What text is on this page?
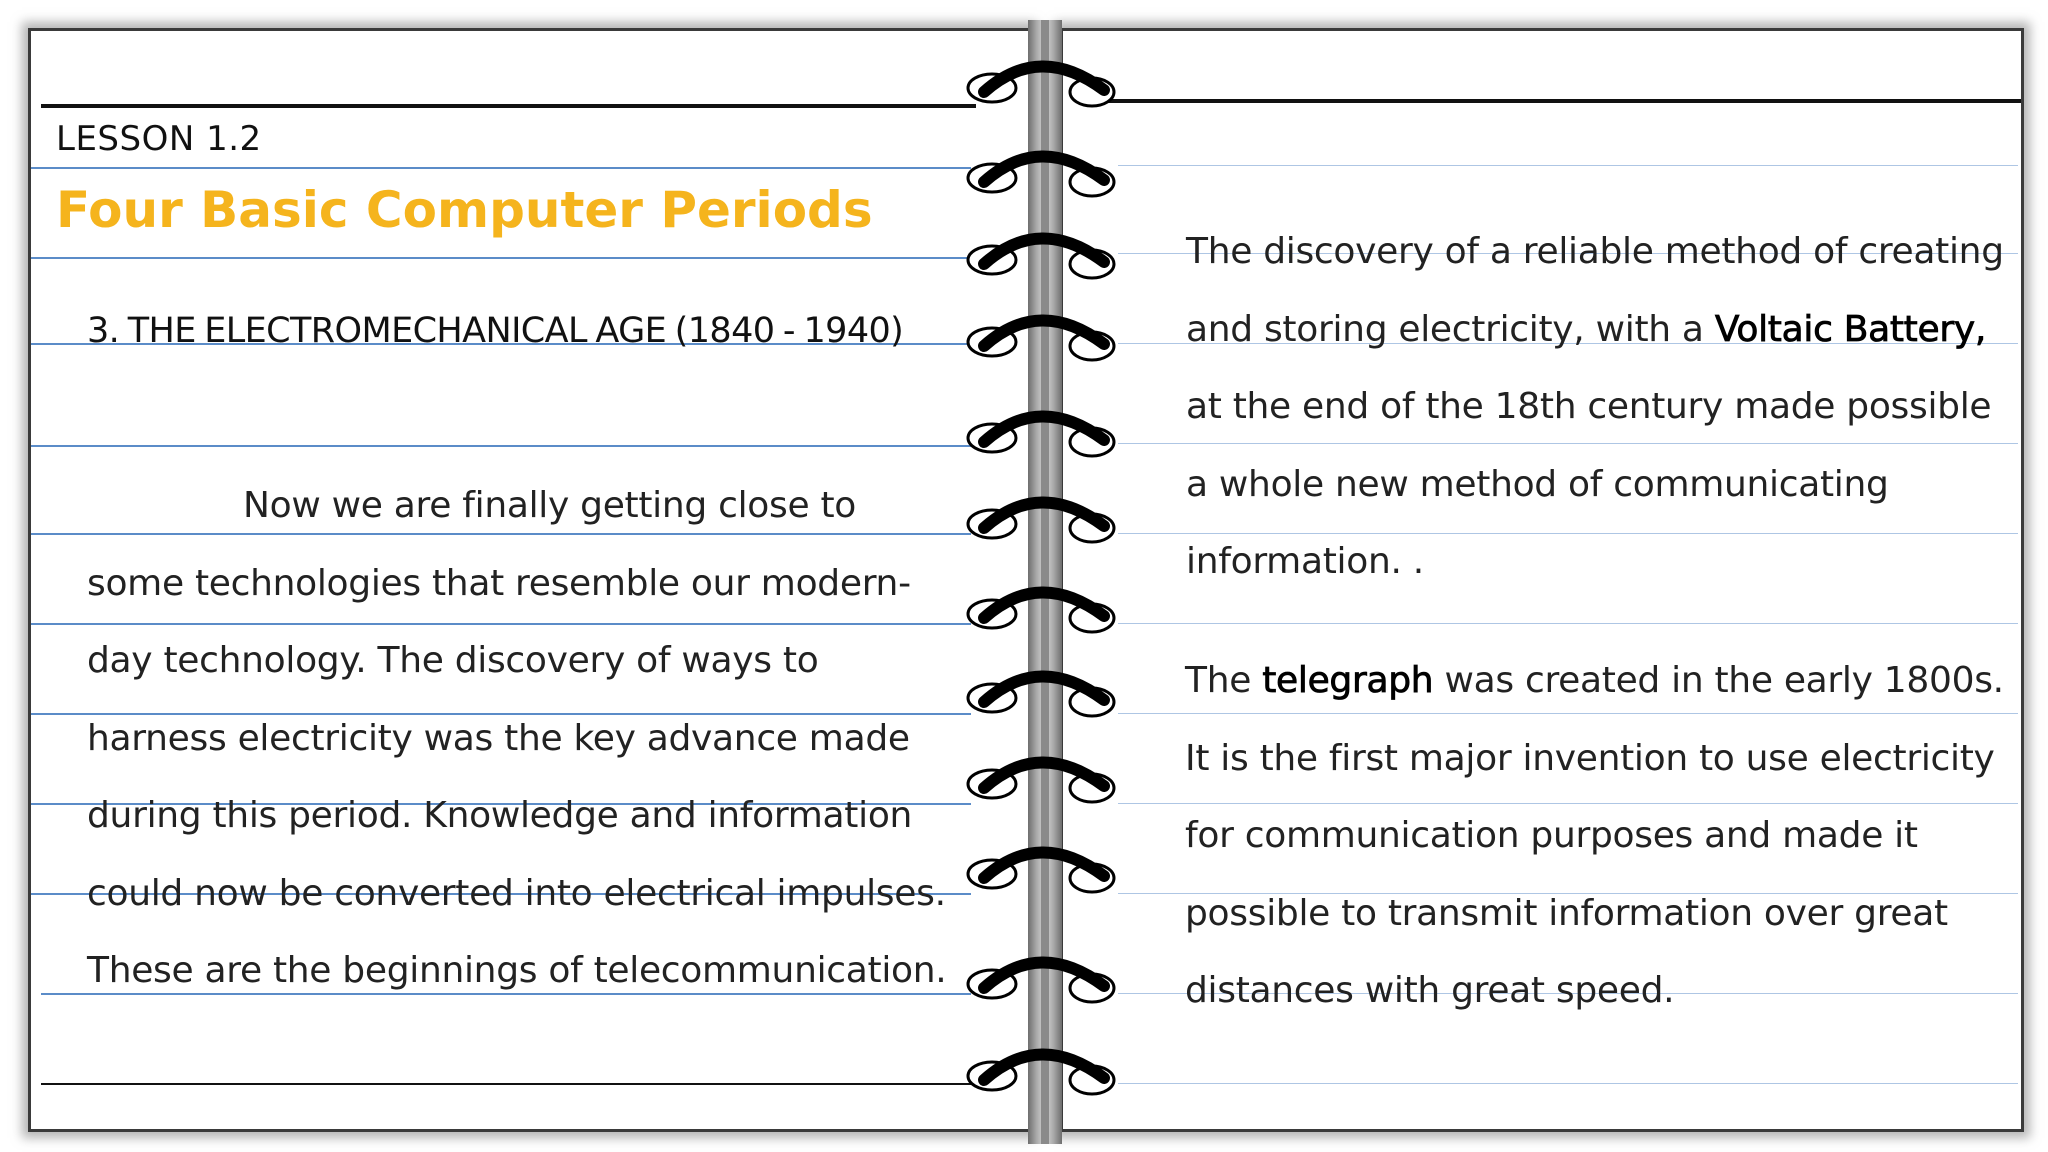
LESSON 1.2
Four Basic Computer Periods
3. THE ELECTROMECHANICAL AGE (1840 - 1940)
Now we are finally getting close to some technologies that resemble our modern-day technology. The discovery of ways to harness electricity was the key advance made during this period. Knowledge and information could now be converted into electrical impulses. These are the beginnings of telecommunication.
The discovery of a reliable method of creating and storing electricity, with a Voltaic Battery, at the end of the 18th century made possible a whole new method of communicating information. .
The telegraph was created in the early 1800s. It is the first major invention to use electricity for communication purposes and made it possible to transmit information over great distances with great speed.
